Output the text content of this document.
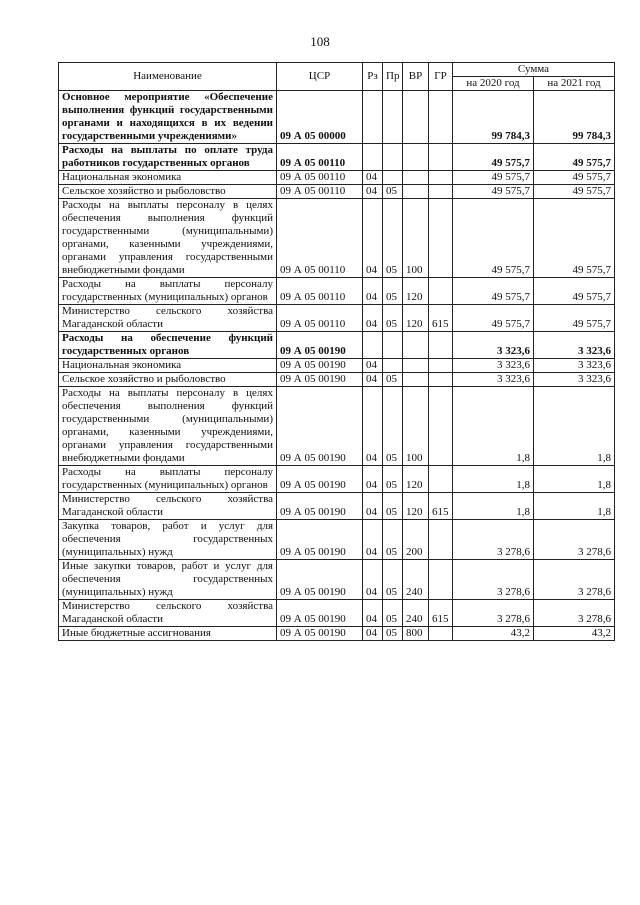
108
Наименование	ЦСР	Рз	Пр	ВР	ГР	Сумма	
						на 2020 год	на 2021 год
Основное мероприятие «Обеспечение выполнения функций государственными органами и находящихся в их ведении государственными учреждениями»	09 А 05 00000					99 784,3	99 784,3
Расходы на выплаты по оплате труда работников государственных органов	09 А 05 00110					49 575,7	49 575,7
Национальная экономика	09 А 05 00110	04				49 575,7	49 575,7
Сельское хозяйство и рыболовство	09 А 05 00110	04	05			49 575,7	49 575,7
Расходы на выплаты персоналу в целях обеспечения выполнения функций государственными (муниципальными) органами, казенными учреждениями, органами управления государственными внебюджетными фондами	09 А 05 00110	04	05	100		49 575,7	49 575,7
Расходы на выплаты персоналу государственных (муниципальных) органов	09 А 05 00110	04	05	120		49 575,7	49 575,7
Министерство сельского хозяйства Магаданской области	09 А 05 00110	04	05	120	615	49 575,7	49 575,7
Расходы на обеспечение функций государственных органов	09 А 05 00190					3 323,6	3 323,6
Национальная экономика	09 А 05 00190	04				3 323,6	3 323,6
Сельское хозяйство и рыболовство	09 А 05 00190	04	05			3 323,6	3 323,6
Расходы на выплаты персоналу в целях обеспечения выполнения функций государственными (муниципальными) органами, казенными учреждениями, органами управления государственными внебюджетными фондами	09 А 05 00190	04	05	100		1,8	1,8
Расходы на выплаты персоналу государственных (муниципальных) органов	09 А 05 00190	04	05	120		1,8	1,8
Министерство сельского хозяйства Магаданской области	09 А 05 00190	04	05	120	615	1,8	1,8
Закупка товаров, работ и услуг для обеспечения государственных (муниципальных) нужд	09 А 05 00190	04	05	200		3 278,6	3 278,6
Иные закупки товаров, работ и услуг для обеспечения государственных (муниципальных) нужд	09 А 05 00190	04	05	240		3 278,6	3 278,6
Министерство сельского хозяйства Магаданской области	09 А 05 00190	04	05	240	615	3 278,6	3 278,6
Иные бюджетные ассигнования	09 А 05 00190	04	05	800		43,2	43,2
